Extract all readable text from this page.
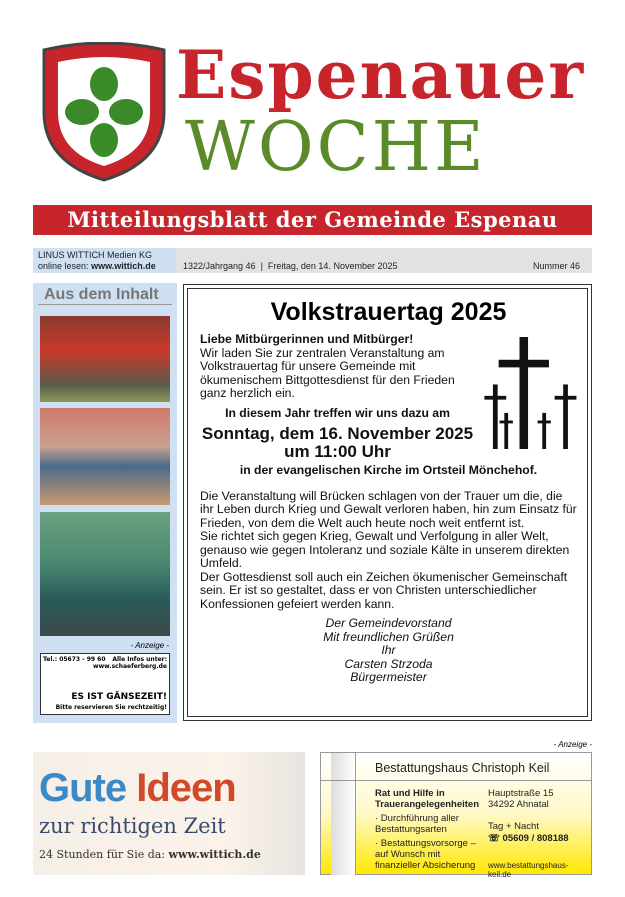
Espenauer
WOCHE
Mitteilungsblatt der Gemeinde Espenau
LINUS WITTICH Medien KG
online lesen: www.wittich.de	1322/Jahrgang 46  |  Freitag, den 14. November 2025	Nummer 46
Aus dem Inhalt
- Anzeige -
Tel.: 05673 - 99 60	Alle Infos unter:
www.schaeferberg.de
ES IST GÄNSEZEIT!
Bitte reservieren Sie rechtzeitig!
Volkstrauertag 2025
Liebe Mitbürgerinnen und Mitbürger!
Wir laden Sie zur zentralen Veranstaltung am Volkstrauertag für unsere Gemeinde mit ökumenischem Bittgottesdienst für den Frieden ganz herzlich ein.
In diesem Jahr treffen wir uns dazu am
Sonntag, dem 16. November 2025
um 11:00 Uhr
in der evangelischen Kirche im Ortsteil Mönchehof.
Die Veranstaltung will Brücken schlagen von der Trauer um die, die ihr Leben durch Krieg und Gewalt verloren haben, hin zum Einsatz für Frieden, von dem die Welt auch heute noch weit entfernt ist.
Sie richtet sich gegen Krieg, Gewalt und Verfolgung in aller Welt, genauso wie gegen Intoleranz und soziale Kälte in unserem direkten Umfeld.
Der Gottesdienst soll auch ein Zeichen ökumenischer Gemeinschaft sein. Er ist so gestaltet, dass er von Christen unterschiedlicher Konfessionen gefeiert werden kann.
Der Gemeindevorstand
Mit freundlichen Grüßen
Ihr
Carsten Strzoda
Bürgermeister
- Anzeige -
Gute Ideen
zur richtigen Zeit
24 Stunden für Sie da: www.wittich.de
Bestattungshaus Christoph Keil
Rat und Hilfe in
Trauerangelegenheiten
· Durchführung aller Bestattungsarten
· Bestattungsvorsorge – auf Wunsch mit finanzieller Absicherung
Hauptstraße 15
34292 Ahnatal
Tag + Nacht
☏ 05609 / 808188
www.bestattungshaus-keil.de
